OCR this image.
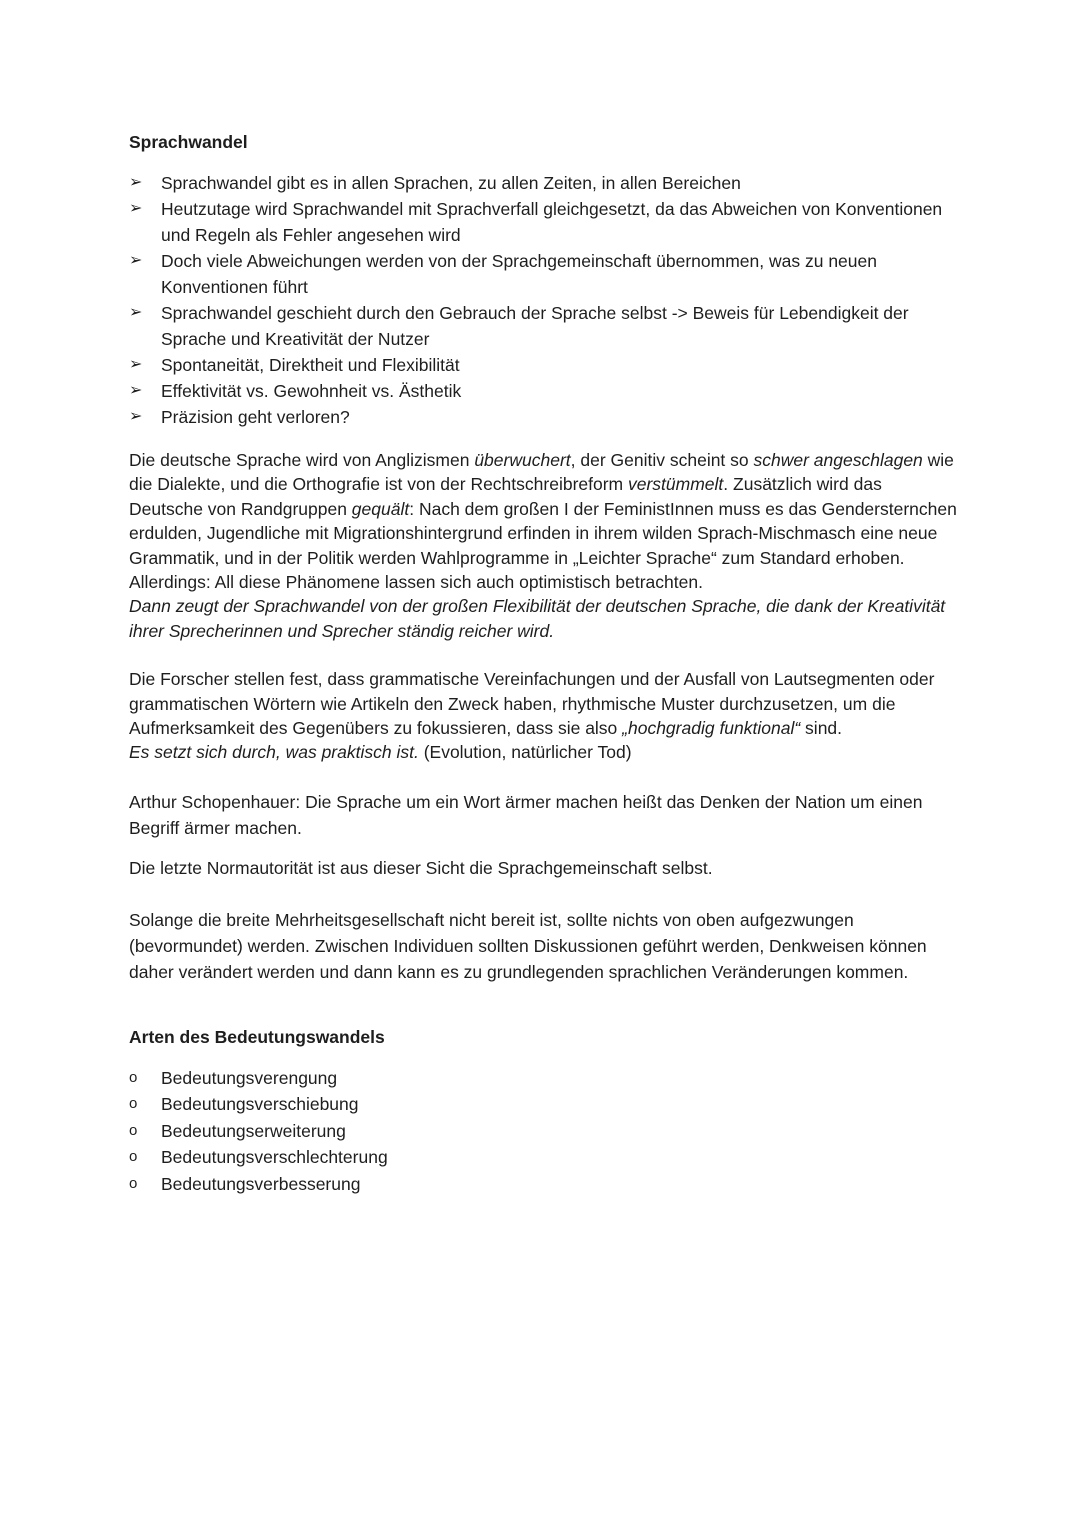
Sprachwandel
➢	Sprachwandel gibt es in allen Sprachen, zu allen Zeiten, in allen Bereichen
➢	Heutzutage wird Sprachwandel mit Sprachverfall gleichgesetzt, da das Abweichen von Konventionen und Regeln als Fehler angesehen wird
➢	Doch viele Abweichungen werden von der Sprachgemeinschaft übernommen, was zu neuen Konventionen führt
➢	Sprachwandel geschieht durch den Gebrauch der Sprache selbst -> Beweis für Lebendigkeit der Sprache und Kreativität der Nutzer
➢	Spontaneität, Direktheit und Flexibilität
➢	Effektivität vs. Gewohnheit vs. Ästhetik
➢	Präzision geht verloren?

Die deutsche Sprache wird von Anglizismen überwuchert, der Genitiv scheint so schwer angeschlagen wie die Dialekte, und die Orthografie ist von der Rechtschreibreform verstümmelt. Zusätzlich wird das Deutsche von Randgruppen gequält: Nach dem großen I der FeministInnen muss es das Gendersternchen erdulden, Jugendliche mit Migrationshintergrund erfinden in ihrem wilden Sprach-Mischmasch eine neue Grammatik, und in der Politik werden Wahlprogramme in „Leichter Sprache“ zum Standard erhoben. Allerdings: All diese Phänomene lassen sich auch optimistisch betrachten.
Dann zeugt der Sprachwandel von der großen Flexibilität der deutschen Sprache, die dank der Kreativität ihrer Sprecherinnen und Sprecher ständig reicher wird.

Die Forscher stellen fest, dass grammatische Vereinfachungen und der Ausfall von Lautsegmenten oder grammatischen Wörtern wie Artikeln den Zweck haben, rhythmische Muster durchzusetzen, um die Aufmerksamkeit des Gegenübers zu fokussieren, dass sie also „hochgradig funktional“ sind.
Es setzt sich durch, was praktisch ist. (Evolution, natürlicher Tod)

Arthur Schopenhauer: Die Sprache um ein Wort ärmer machen heißt das Denken der Nation um einen Begriff ärmer machen.

Die letzte Normautorität ist aus dieser Sicht die Sprachgemeinschaft selbst.

Solange die breite Mehrheitsgesellschaft nicht bereit ist, sollte nichts von oben aufgezwungen (bevormundet) werden. Zwischen Individuen sollten Diskussionen geführt werden, Denkweisen können daher verändert werden und dann kann es zu grundlegenden sprachlichen Veränderungen kommen.

Arten des Bedeutungswandels
o	Bedeutungsverengung
o	Bedeutungsverschiebung
o	Bedeutungserweiterung
o	Bedeutungsverschlechterung
o	Bedeutungsverbesserung
